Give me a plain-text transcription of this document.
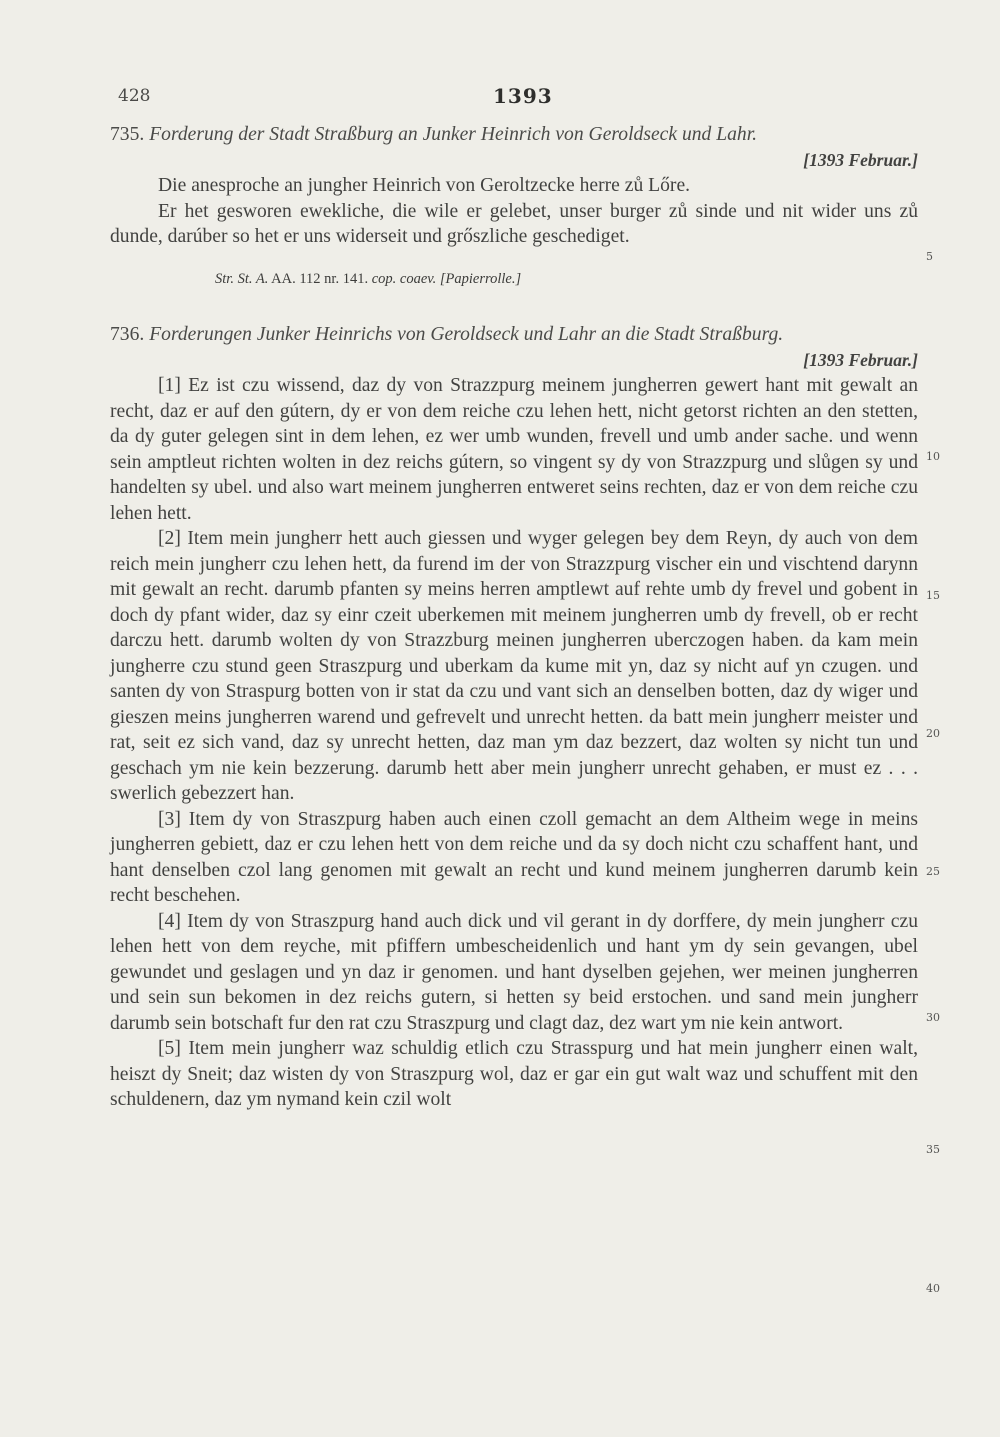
428	1393

735. Forderung der Stadt Straßburg an Junker Heinrich von Geroldseck und Lahr.

[1393 Februar.]

Die anesproche an jungher Heinrich von Geroltzecke herre zů Lőre.

Er het gesworen ewekliche, die wile er gelebet, unser burger zů sinde und nit wider uns zů dunde, darúber so het er uns widerseit und grőszliche geschediget.

Str. St. A. AA. 112 nr. 141. cop. coaev. [Papierrolle.]

736. Forderungen Junker Heinrichs von Geroldseck und Lahr an die Stadt Straßburg.

[1393 Februar.]

[1] Ez ist czu wissend, daz dy von Strazzpurg meinem jungherren gewert hant mit gewalt an recht, daz er auf den gútern, dy er von dem reiche czu lehen hett, nicht getorst richten an den stetten, da dy guter gelegen sint in dem lehen, ez wer umb wunden, frevell und umb ander sache. und wenn sein amptleut richten wolten in dez reichs gútern, so vingent sy dy von Strazzpurg und slůgen sy und handelten sy ubel. und also wart meinem jungherren entweret seins rechten, daz er von dem reiche czu lehen hett.

[2] Item mein jungherr hett auch giessen und wyger gelegen bey dem Reyn, dy auch von dem reich mein jungherr czu lehen hett, da furend im der von Strazzpurg vischer ein und vischtend darynn mit gewalt an recht. darumb pfanten sy meins herren amptlewt auf rehte umb dy frevel und gobent in doch dy pfant wider, daz sy einr czeit uberkemen mit meinem jungherren umb dy frevell, ob er recht darczu hett. darumb wolten dy von Strazzburg meinen jungherren uberczogen haben. da kam mein jungherre czu stund geen Straszpurg und uberkam da kume mit yn, daz sy nicht auf yn czugen. und santen dy von Straspurg botten von ir stat da czu und vant sich an denselben botten, daz dy wiger und gieszen meins jungherren warend und gefrevelt und unrecht hetten. da batt mein jungherr meister und rat, seit ez sich vand, daz sy unrecht hetten, daz man ym daz bezzert, daz wolten sy nicht tun und geschach ym nie kein bezzerung. darumb hett aber mein jungherr unrecht gehaben, er must ez . . . swerlich gebezzert han.

[3] Item dy von Straszpurg haben auch einen czoll gemacht an dem Altheim wege in meins jungherren gebiett, daz er czu lehen hett von dem reiche und da sy doch nicht czu schaffent hant, und hant denselben czol lang genomen mit gewalt an recht und kund meinem jungherren darumb kein recht beschehen.

[4] Item dy von Straszpurg hand auch dick und vil gerant in dy dorffere, dy mein jungherr czu lehen hett von dem reyche, mit pfiffern umbescheidenlich und hant ym dy sein gevangen, ubel gewundet und geslagen und yn daz ir genomen. und hant dyselben gejehen, wer meinen jungherren und sein sun bekomen in dez reichs gutern, si hetten sy beid erstochen. und sand mein jungherr darumb sein botschaft fur den rat czu Straszpurg und clagt daz, dez wart ym nie kein antwort.

[5] Item mein jungherr waz schuldig etlich czu Strasspurg und hat mein jungherr einen walt, heiszt dy Sneit; daz wisten dy von Straszpurg wol, daz er gar ein gut walt waz und schuffent mit den schuldenern, daz ym nymand kein czil wolt

5
10
15
20
25
30
35
40
